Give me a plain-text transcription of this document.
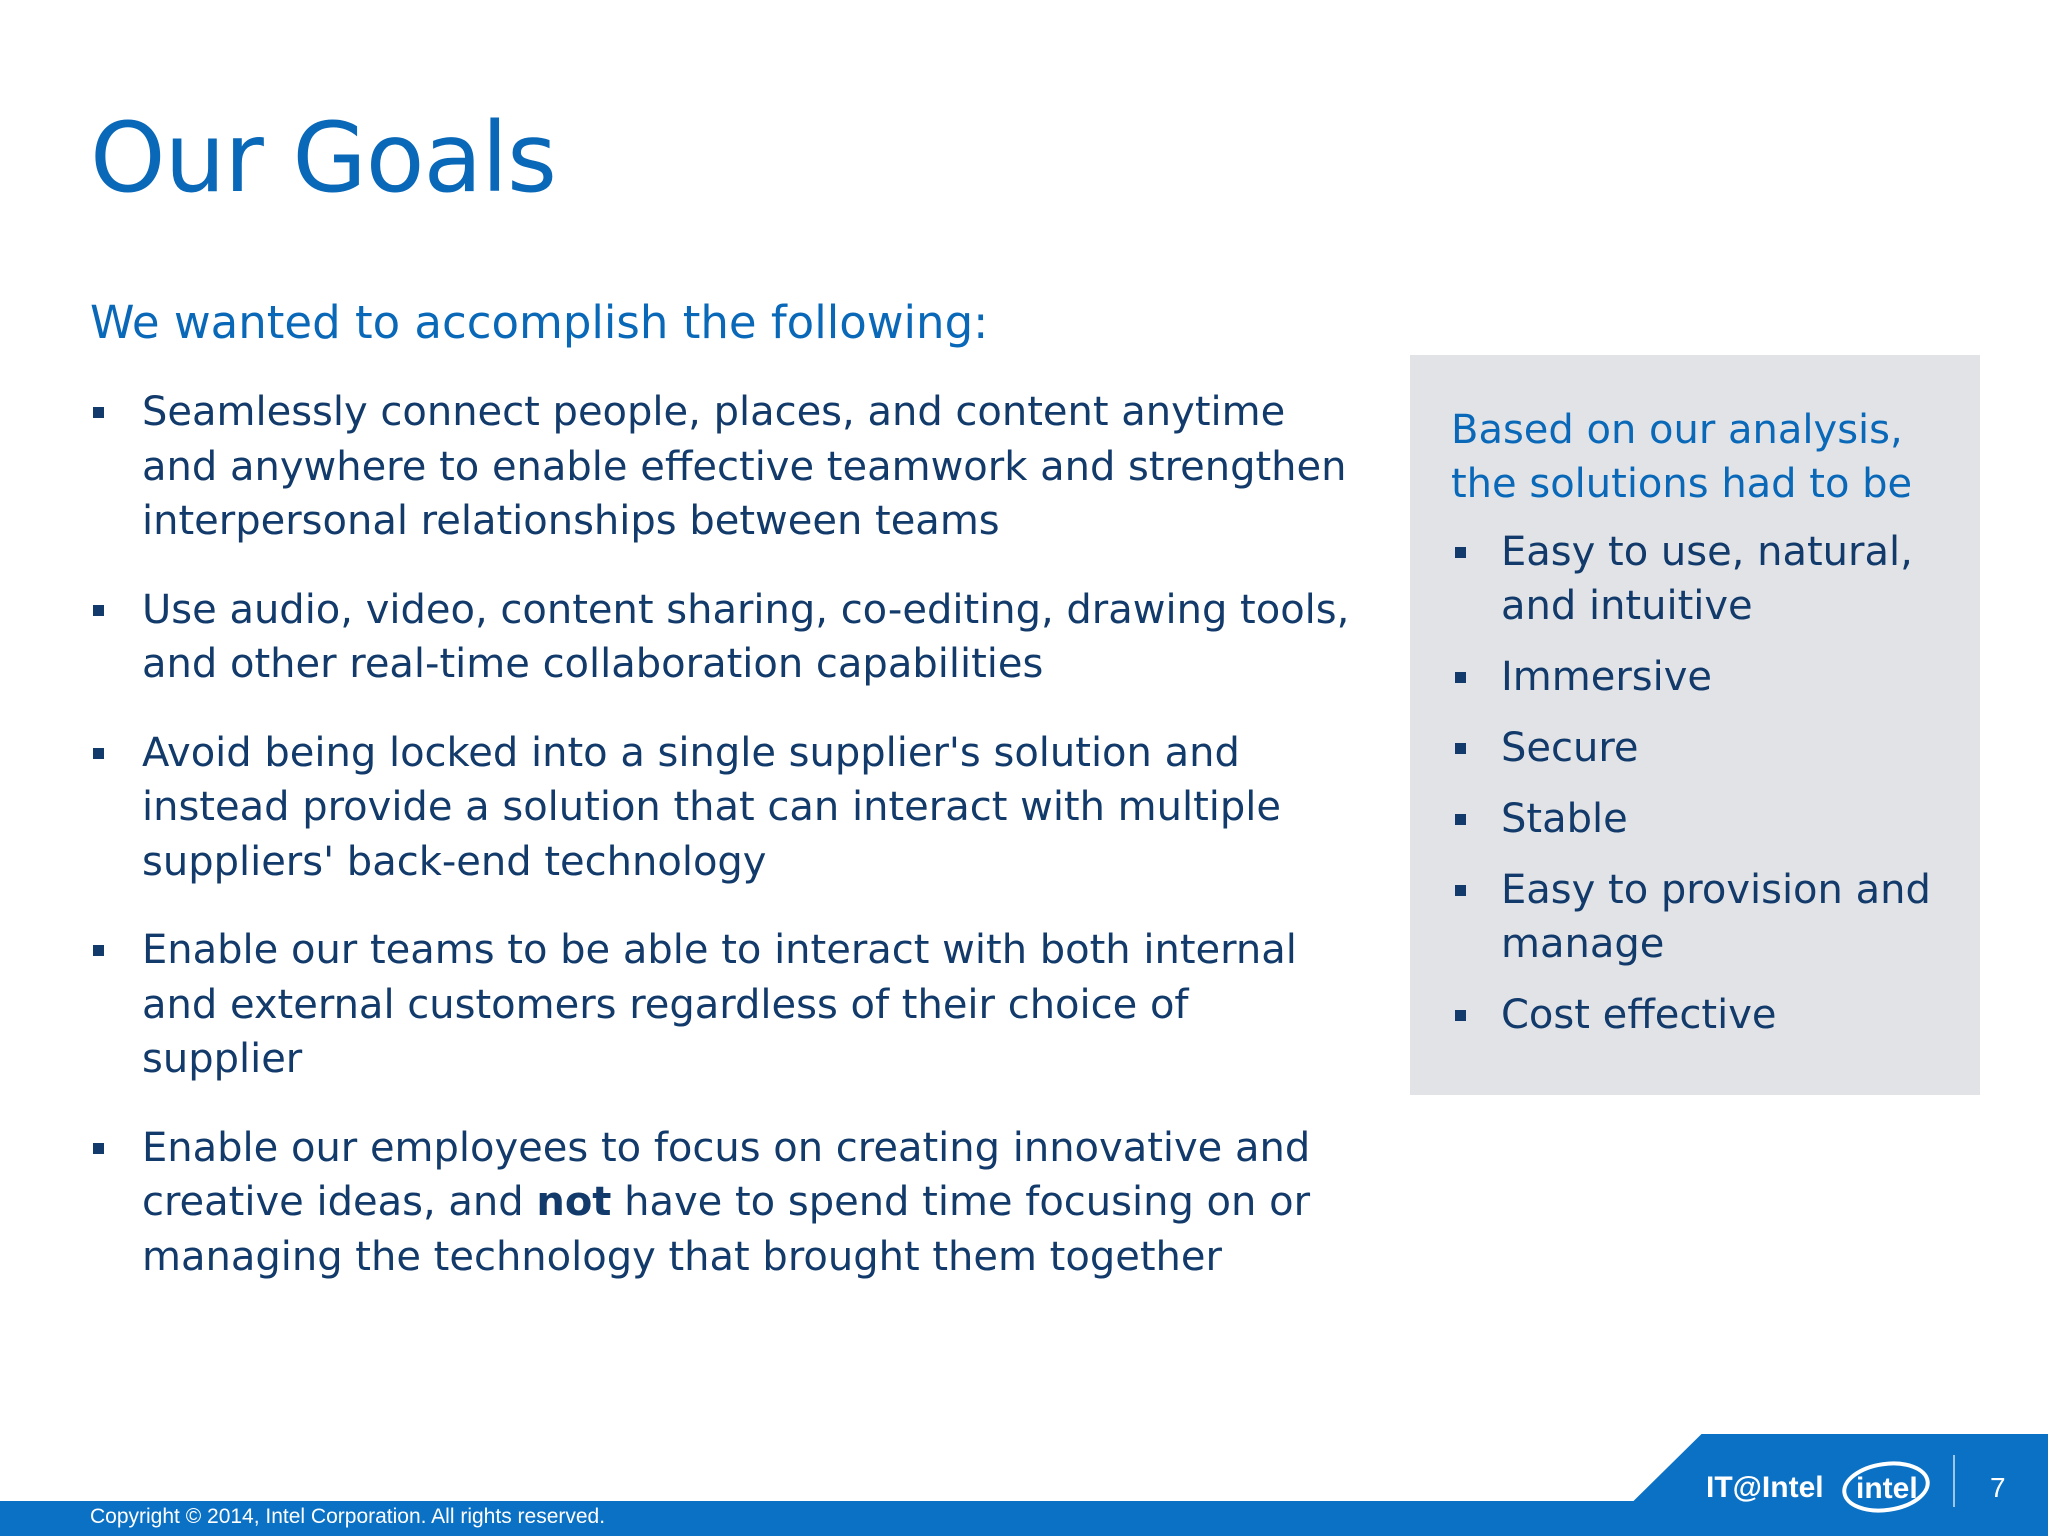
Our Goals
We wanted to accomplish the following:
Seamlessly connect people, places, and content anytime and anywhere to enable effective teamwork and strengthen interpersonal relationships between teams
Use audio, video, content sharing, co-editing, drawing tools, and other real-time collaboration capabilities
Avoid being locked into a single supplier's solution and instead provide a solution that can interact with multiple suppliers' back-end technology
Enable our teams to be able to interact with both internal and external customers regardless of their choice of supplier
Enable our employees to focus on creating innovative and creative ideas, and not have to spend time focusing on or managing the technology that brought them together

Based on our analysis, the solutions had to be

Easy to use, natural, and intuitive
Immersive
Secure
Stable
Easy to provision and manage
Cost effective
Copyright © 2014, Intel Corporation. All rights reserved.
IT@Intel intel	7
